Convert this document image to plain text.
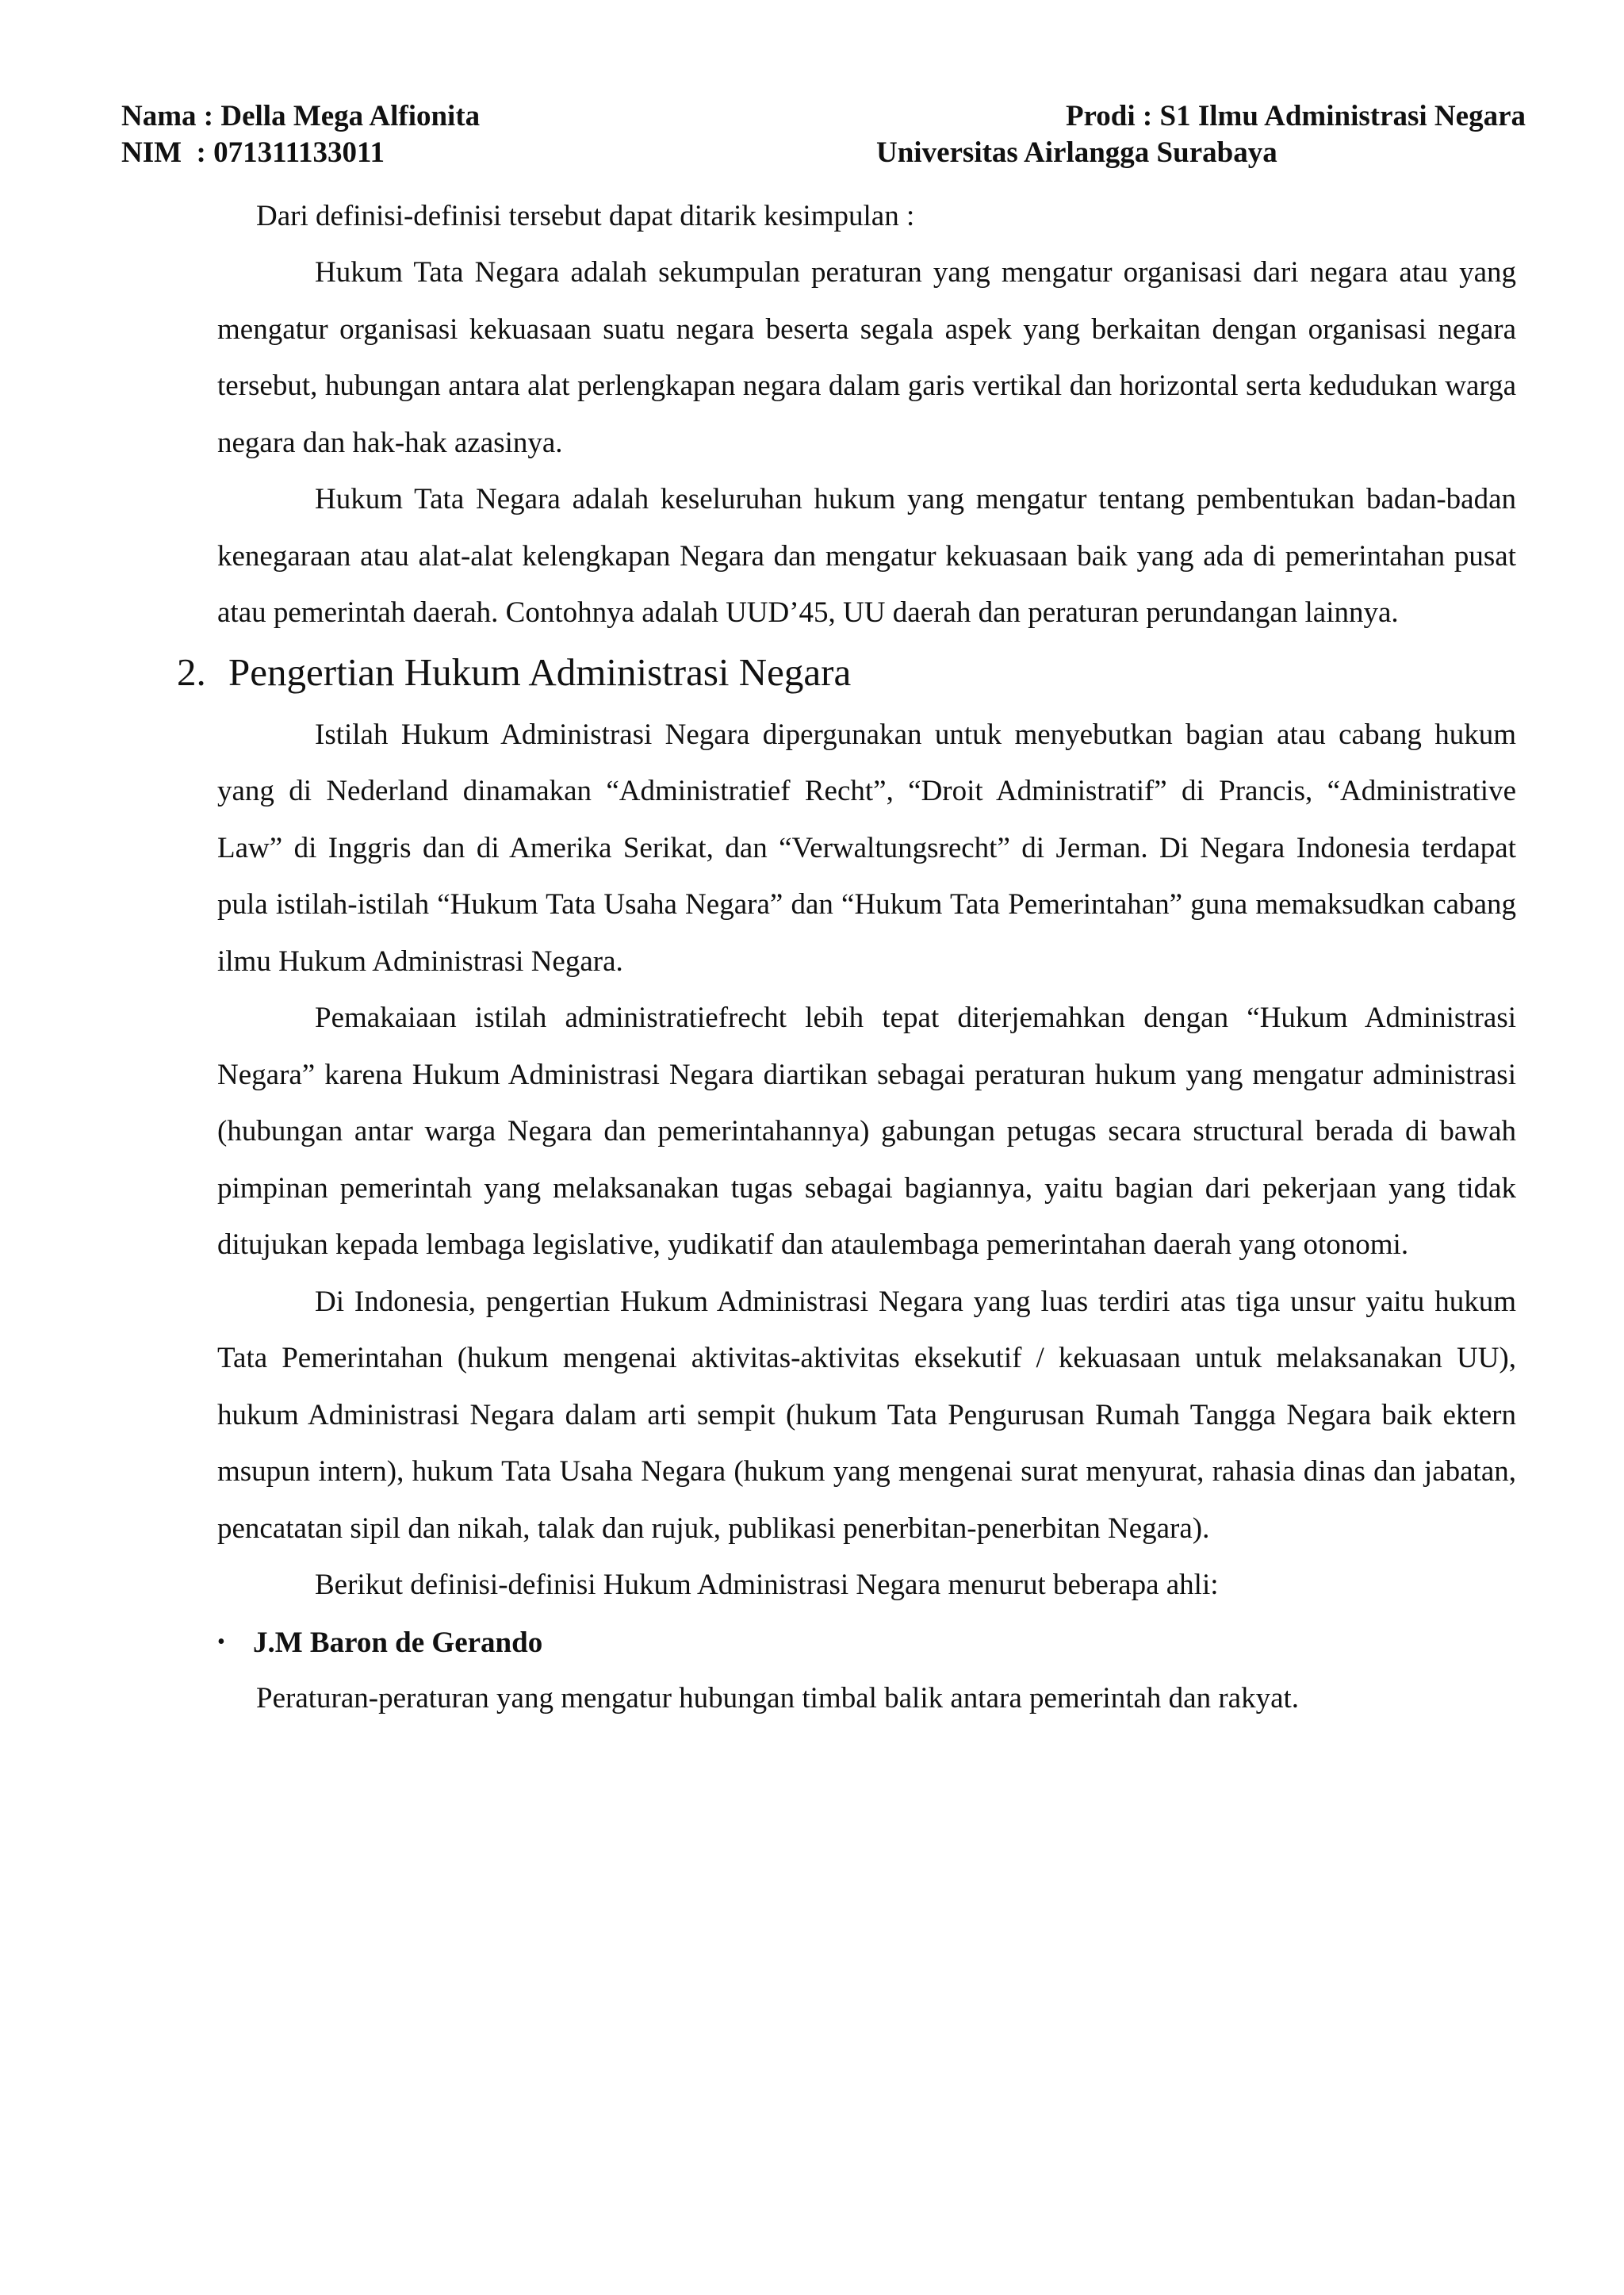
Nama : Della Mega Alfionita
NIM  : 071311133011
Prodi : S1 Ilmu Administrasi Negara
Universitas Airlangga Surabaya

Dari definisi-definisi tersebut dapat ditarik kesimpulan :

Hukum Tata Negara adalah sekumpulan peraturan yang mengatur organisasi dari negara atau yang mengatur organisasi kekuasaan suatu negara beserta segala aspek yang berkaitan dengan organisasi negara tersebut, hubungan antara alat perlengkapan negara dalam garis vertikal dan horizontal serta kedudukan warga negara dan hak-hak azasinya.

Hukum Tata Negara adalah keseluruhan hukum yang mengatur tentang pembentukan badan-badan kenegaraan atau alat-alat kelengkapan Negara dan mengatur kekuasaan baik yang ada di pemerintahan pusat atau pemerintah daerah. Contohnya adalah UUD’45, UU daerah dan peraturan perundangan lainnya.

2. Pengertian Hukum Administrasi Negara

Istilah Hukum Administrasi Negara dipergunakan untuk menyebutkan bagian atau cabang hukum yang di Nederland dinamakan “Administratief Recht”, “Droit Administratif” di Prancis, “Administrative Law” di Inggris dan di Amerika Serikat, dan “Verwaltungsrecht” di Jerman. Di Negara Indonesia terdapat pula istilah-istilah “Hukum Tata Usaha Negara” dan “Hukum Tata Pemerintahan” guna memaksudkan cabang ilmu Hukum Administrasi Negara.

Pemakaiaan istilah administratiefrecht lebih tepat diterjemahkan dengan “Hukum Administrasi Negara” karena Hukum Administrasi Negara diartikan sebagai peraturan hukum yang mengatur administrasi (hubungan antar warga Negara dan pemerintahannya) gabungan petugas secara structural berada di bawah pimpinan pemerintah yang melaksanakan tugas sebagai bagiannya, yaitu bagian dari pekerjaan yang tidak ditujukan kepada lembaga legislative, yudikatif dan ataulembaga pemerintahan daerah yang otonomi.

Di Indonesia, pengertian Hukum Administrasi Negara yang luas terdiri atas tiga unsur yaitu hukum Tata Pemerintahan (hukum mengenai aktivitas-aktivitas eksekutif / kekuasaan untuk melaksanakan UU), hukum Administrasi Negara dalam arti sempit (hukum Tata Pengurusan Rumah Tangga Negara baik ektern msupun intern), hukum Tata Usaha Negara (hukum yang mengenai surat menyurat, rahasia dinas dan jabatan, pencatatan sipil dan nikah, talak dan rujuk, publikasi penerbitan-penerbitan Negara).

Berikut definisi-definisi Hukum Administrasi Negara menurut beberapa ahli:

• J.M Baron de Gerando

Peraturan-peraturan yang mengatur hubungan timbal balik antara pemerintah dan rakyat.
